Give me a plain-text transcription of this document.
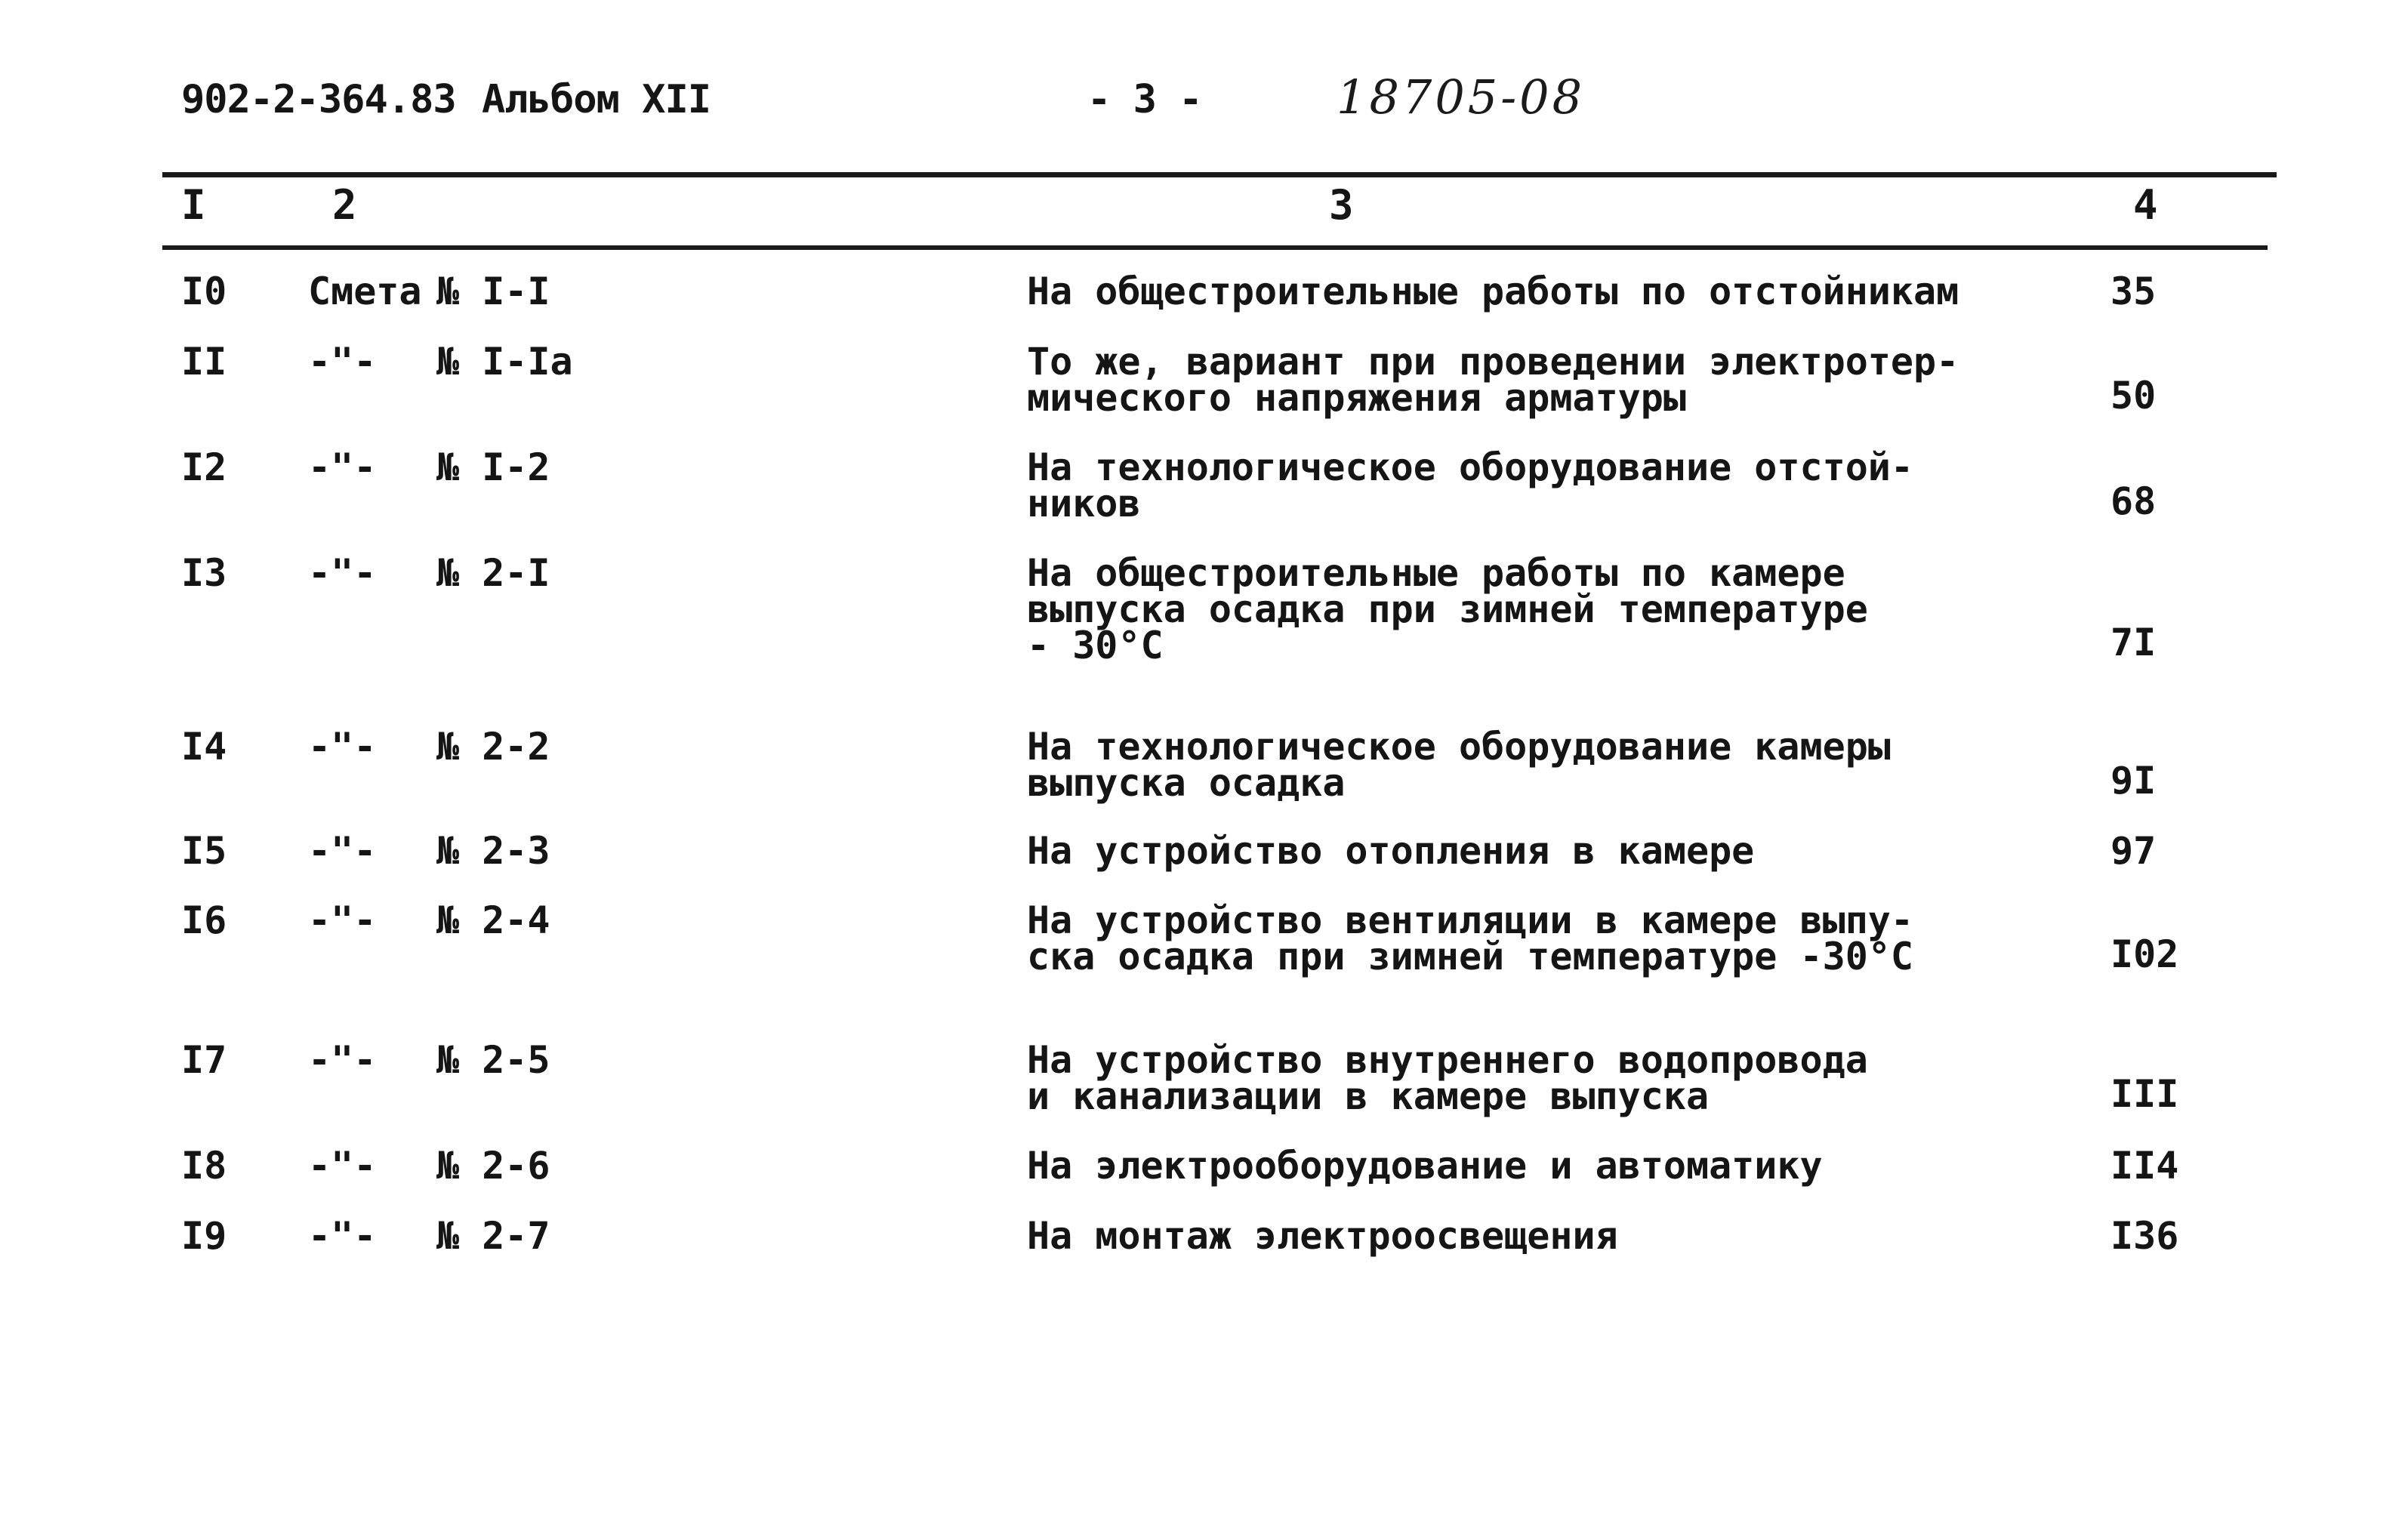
902-2-364.83 Альбом XII	- 3 -	18705-08
I	2	3	4
I0 Смета № I-I	На общестроительные работы по отстойникам	35
II -"- № I-Ia	То же, вариант при проведении электротер-
мического напряжения арматуры	50
I2 -"- № I-2	На технологическое оборудование отстой-
ников	68
I3 -"- № 2-I	На общестроительные работы по камере
выпуска осадка при зимней температуре
- 30°C	7I
I4 -"- № 2-2	На технологическое оборудование камеры
выпуска осадка	9I
I5 -"- № 2-3	На устройство отопления в камере	97
I6 -"- № 2-4	На устройство вентиляции в камере выпу-
ска осадка при зимней температуре -30°C	I02
I7 -"- № 2-5	На устройство внутреннего водопровода
и канализации в камере выпуска	III
I8 -"- № 2-6	На электрооборудование и автоматику	II4
I9 -"- № 2-7	На монтаж электроосвещения	I36
